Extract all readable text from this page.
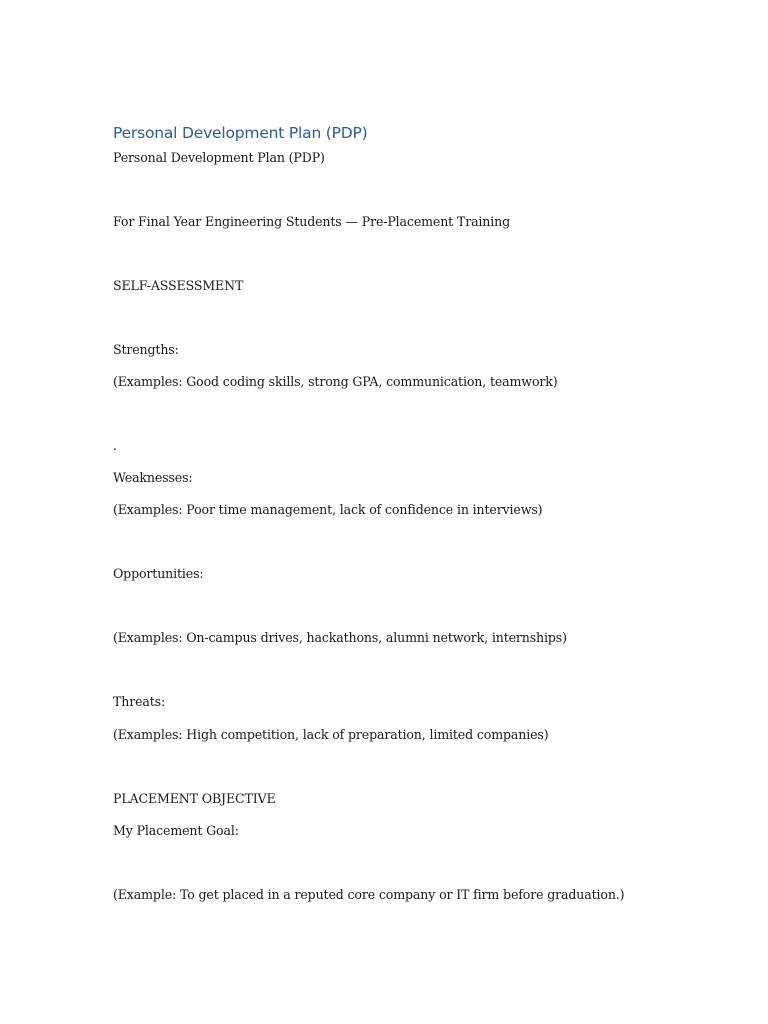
Personal Development Plan (PDP)

Personal Development Plan (PDP)

For Final Year Engineering Students — Pre-Placement Training

SELF-ASSESSMENT

Strengths:

(Examples: Good coding skills, strong GPA, communication, teamwork)

.

Weaknesses:

(Examples: Poor time management, lack of confidence in interviews)

Opportunities:

(Examples: On-campus drives, hackathons, alumni network, internships)

Threats:

(Examples: High competition, lack of preparation, limited companies)

PLACEMENT OBJECTIVE

My Placement Goal:

(Example: To get placed in a reputed core company or IT firm before graduation.)
